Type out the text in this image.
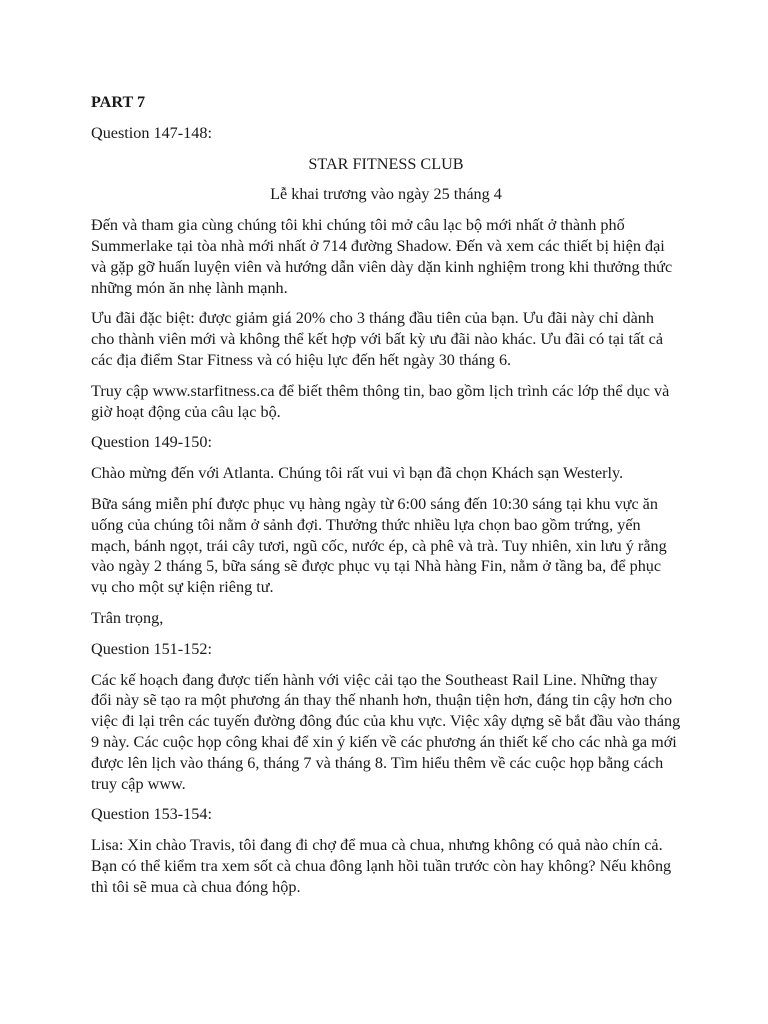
PART 7

Question 147-148:

STAR FITNESS CLUB

Lễ khai trương vào ngày 25 tháng 4

Đến và tham gia cùng chúng tôi khi chúng tôi mở câu lạc bộ mới nhất ở thành phố Summerlake tại tòa nhà mới nhất ở 714 đường Shadow. Đến và xem các thiết bị hiện đại và gặp gỡ huấn luyện viên và hướng dẫn viên dày dặn kinh nghiệm trong khi thưởng thức những món ăn nhẹ lành mạnh.

Ưu đãi đặc biệt: được giảm giá 20% cho 3 tháng đầu tiên của bạn. Ưu đãi này chỉ dành cho thành viên mới và không thể kết hợp với bất kỳ ưu đãi nào khác. Ưu đãi có tại tất cả các địa điểm Star Fitness và có hiệu lực đến hết ngày 30 tháng 6.

Truy cập www.starfitness.ca để biết thêm thông tin, bao gồm lịch trình các lớp thể dục và giờ hoạt động của câu lạc bộ.

Question 149-150:

Chào mừng đến với Atlanta. Chúng tôi rất vui vì bạn đã chọn Khách sạn Westerly.

Bữa sáng miễn phí được phục vụ hàng ngày từ 6:00 sáng đến 10:30 sáng tại khu vực ăn uống của chúng tôi nằm ở sảnh đợi. Thưởng thức nhiều lựa chọn bao gồm trứng, yến mạch, bánh ngọt, trái cây tươi, ngũ cốc, nước ép, cà phê và trà. Tuy nhiên, xin lưu ý rằng vào ngày 2 tháng 5, bữa sáng sẽ được phục vụ tại Nhà hàng Fin, nằm ở tầng ba, để phục vụ cho một sự kiện riêng tư.

Trân trọng,

Question 151-152:

Các kế hoạch đang được tiến hành với việc cải tạo the Southeast Rail Line. Những thay đổi này sẽ tạo ra một phương án thay thế nhanh hơn, thuận tiện hơn, đáng tin cậy hơn cho việc đi lại trên các tuyến đường đông đúc của khu vực. Việc xây dựng sẽ bắt đầu vào tháng 9 này. Các cuộc họp công khai để xin ý kiến về các phương án thiết kế cho các nhà ga mới được lên lịch vào tháng 6, tháng 7 và tháng 8. Tìm hiểu thêm về các cuộc họp bằng cách truy cập www.

Question 153-154:

Lisa: Xin chào Travis, tôi đang đi chợ để mua cà chua, nhưng không có quả nào chín cả. Bạn có thể kiểm tra xem sốt cà chua đông lạnh hồi tuần trước còn hay không? Nếu không thì tôi sẽ mua cà chua đóng hộp.
